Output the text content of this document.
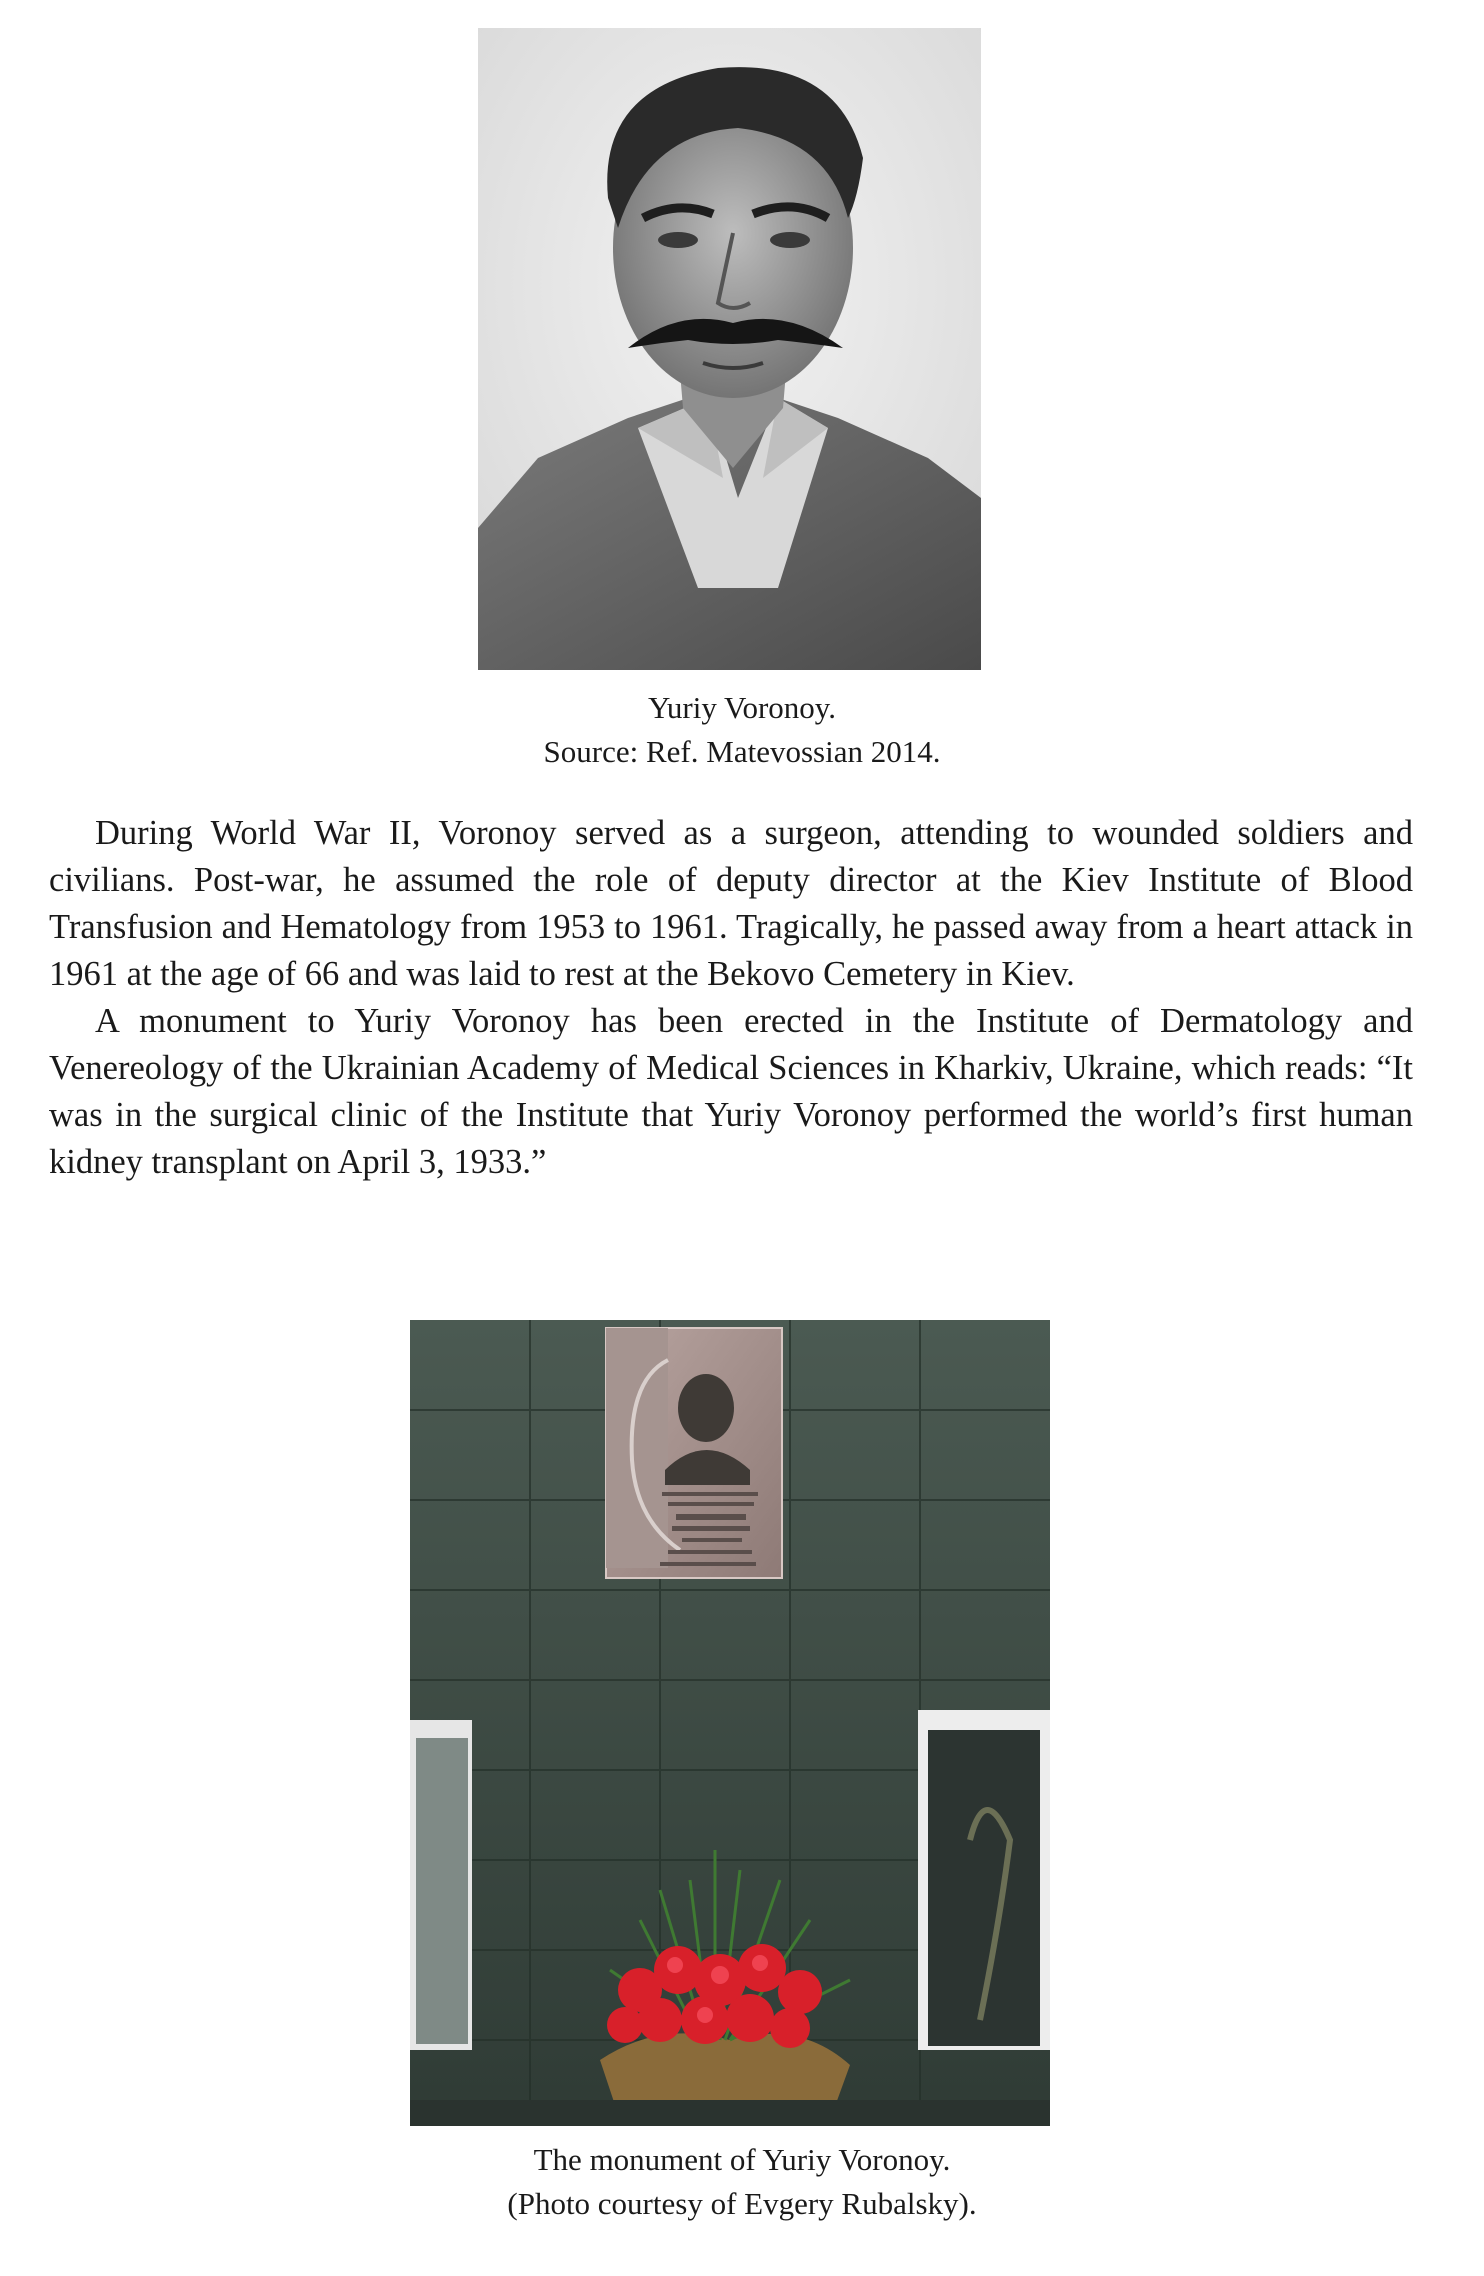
Yuriy Voronoy.
Source: Ref. Matevossian 2014.

During World War II, Voronoy served as a surgeon, attending to wounded soldiers and civilians. Post-war, he assumed the role of deputy director at the Kiev Institute of Blood Transfusion and Hematology from 1953 to 1961. Tragically, he passed away from a heart attack in 1961 at the age of 66 and was laid to rest at the Bekovo Cemetery in Kiev.

A monument to Yuriy Voronoy has been erected in the Institute of Dermatology and Venereology of the Ukrainian Academy of Medical Sciences in Kharkiv, Ukraine, which reads: “It was in the surgical clinic of the Institute that Yuriy Voronoy performed the world’s first human kidney transplant on April 3, 1933.”

The monument of Yuriy Voronoy.
(Photo courtesy of Evgery Rubalsky).
